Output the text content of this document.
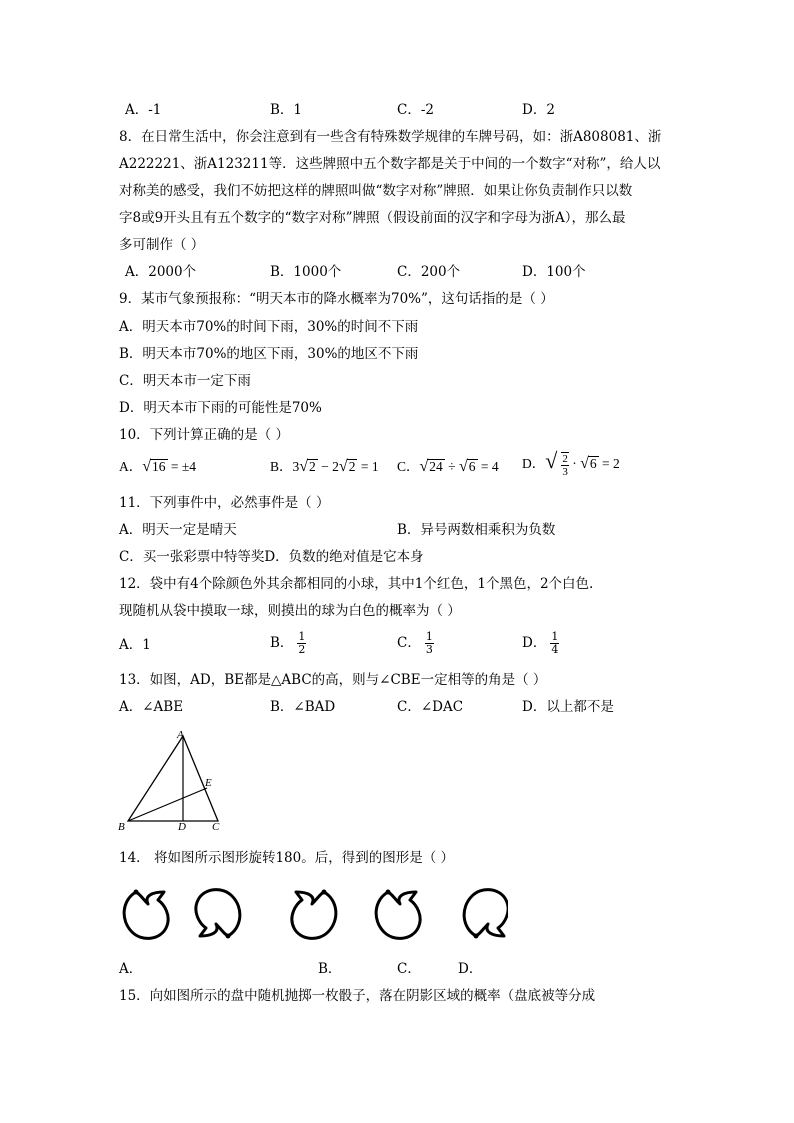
A．-1	B．1	C．-2	D．2
8．在日常生活中，你会注意到有一些含有特殊数学规律的车牌号码，如：浙A808081、浙
A222221、浙A123211等．这些牌照中五个数字都是关于中间的一个数字“对称”，给人以
对称美的感受，我们不妨把这样的牌照叫做“数字对称”牌照．如果让你负责制作只以数
字8或9开头且有五个数字的“数字对称”牌照（假设前面的汉字和字母为浙A），那么最
多可制作（ ）
A．2000个	B．1000个	C．200个	D．100个
9．某市气象预报称：“明天本市的降水概率为70%”，这句话指的是（ ）
A．明天本市70%的时间下雨，30%的时间不下雨
B．明天本市70%的地区下雨，30%的地区不下雨
C．明天本市一定下雨
D．明天本市下雨的可能性是70%
10．下列计算正确的是（ ）
A．√16 = ±4	B．3√2 − 2√2 = 1 C．√24 ÷ √6 = 4 D．√ $\frac{2}{3} \cdot √6 = 2$
11．下列事件中，必然事件是（ ）
A．明天一定是晴天	B．异号两数相乘积为负数
C．买一张彩票中特等奖D．负数的绝对值是它本身
12．袋中有4个除颜色外其余都相同的小球，其中1个红色，1个黑色，2个白色.
现随机从袋中摸取一球，则摸出的球为白色的概率为（ ）
A．1	B． $\frac{1}{2}$	C． $\frac{1}{3}$	D． $\frac{1}{4}$
13．如图，AD，BE都是△ABC的高，则与∠CBE一定相等的角是（ ）
A．∠ABE	B．∠BAD	C．∠DAC	D．以上都不是
A
B	C
D
E
14． 将如图所示图形旋转180。后，得到的图形是（ ）
A．	B．	C．	D．
15．向如图所示的盘中随机抛掷一枚骰子，落在阴影区域的概率（盘底被等分成
